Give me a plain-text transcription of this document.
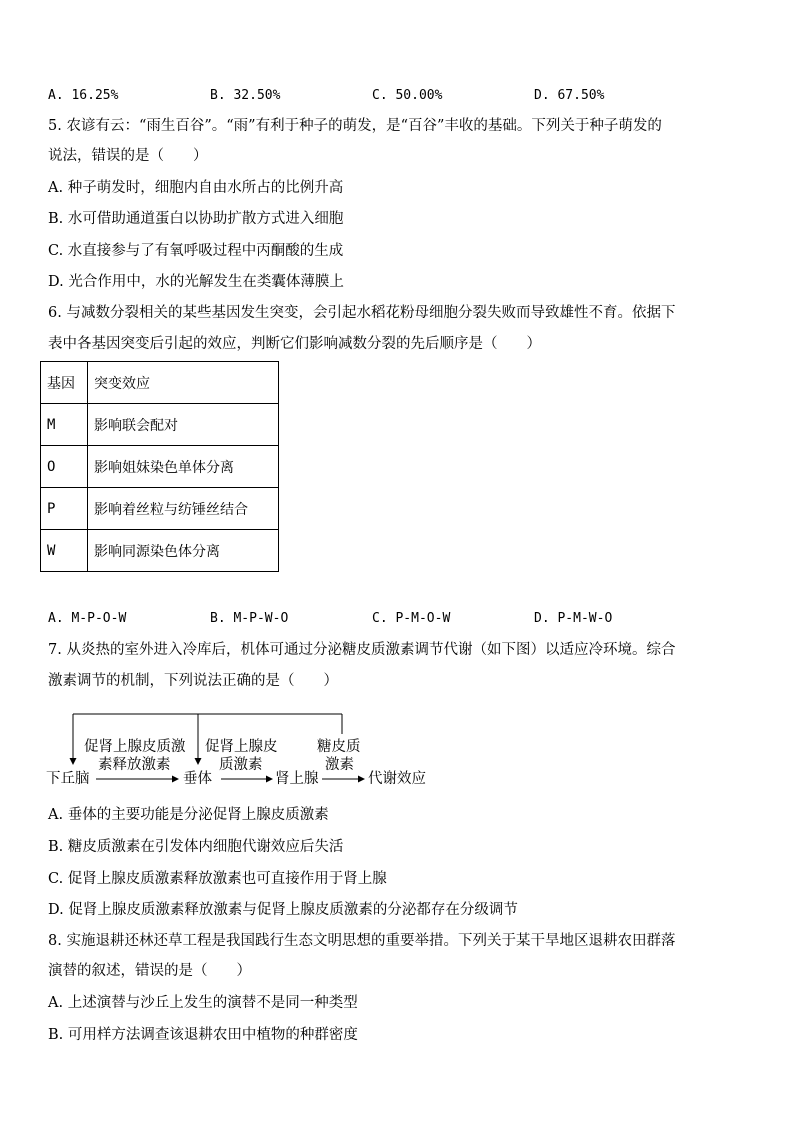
A. 16.25%	B. 32.50%	C. 50.00%	D. 67.50%
5. 农谚有云：“雨生百谷”。“雨”有利于种子的萌发，是“百谷”丰收的基础。下列关于种子萌发的
说法，错误的是（　　）
A. 种子萌发时，细胞内自由水所占的比例升高
B. 水可借助通道蛋白以协助扩散方式进入细胞
C. 水直接参与了有氧呼吸过程中丙酮酸的生成
D. 光合作用中，水的光解发生在类囊体薄膜上
6. 与减数分裂相关的某些基因发生突变，会引起水稻花粉母细胞分裂失败而导致雄性不育。依据下
表中各基因突变后引起的效应，判断它们影响减数分裂的先后顺序是（　　）
基因	突变效应
M	影响联会配对
O	影响姐妹染色单体分离
P	影响着丝粒与纺锤丝结合
W	影响同源染色体分离
A. M-P-O-W	B. M-P-W-O	C. P-M-O-W	D. P-M-W-O
7. 从炎热的室外进入冷库后，机体可通过分泌糖皮质激素调节代谢（如下图）以适应冷环境。综合
激素调节的机制，下列说法正确的是（　　）
下丘脑	垂体	肾上腺	代谢效应
促肾上腺皮质激
素释放激素
促肾上腺皮
质激素
糖皮质
激素
A. 垂体的主要功能是分泌促肾上腺皮质激素
B. 糖皮质激素在引发体内细胞代谢效应后失活
C. 促肾上腺皮质激素释放激素也可直接作用于肾上腺
D. 促肾上腺皮质激素释放激素与促肾上腺皮质激素的分泌都存在分级调节
8. 实施退耕还林还草工程是我国践行生态文明思想的重要举措。下列关于某干旱地区退耕农田群落
演替的叙述，错误的是（　　）
A. 上述演替与沙丘上发生的演替不是同一种类型
B. 可用样方法调查该退耕农田中植物的种群密度
